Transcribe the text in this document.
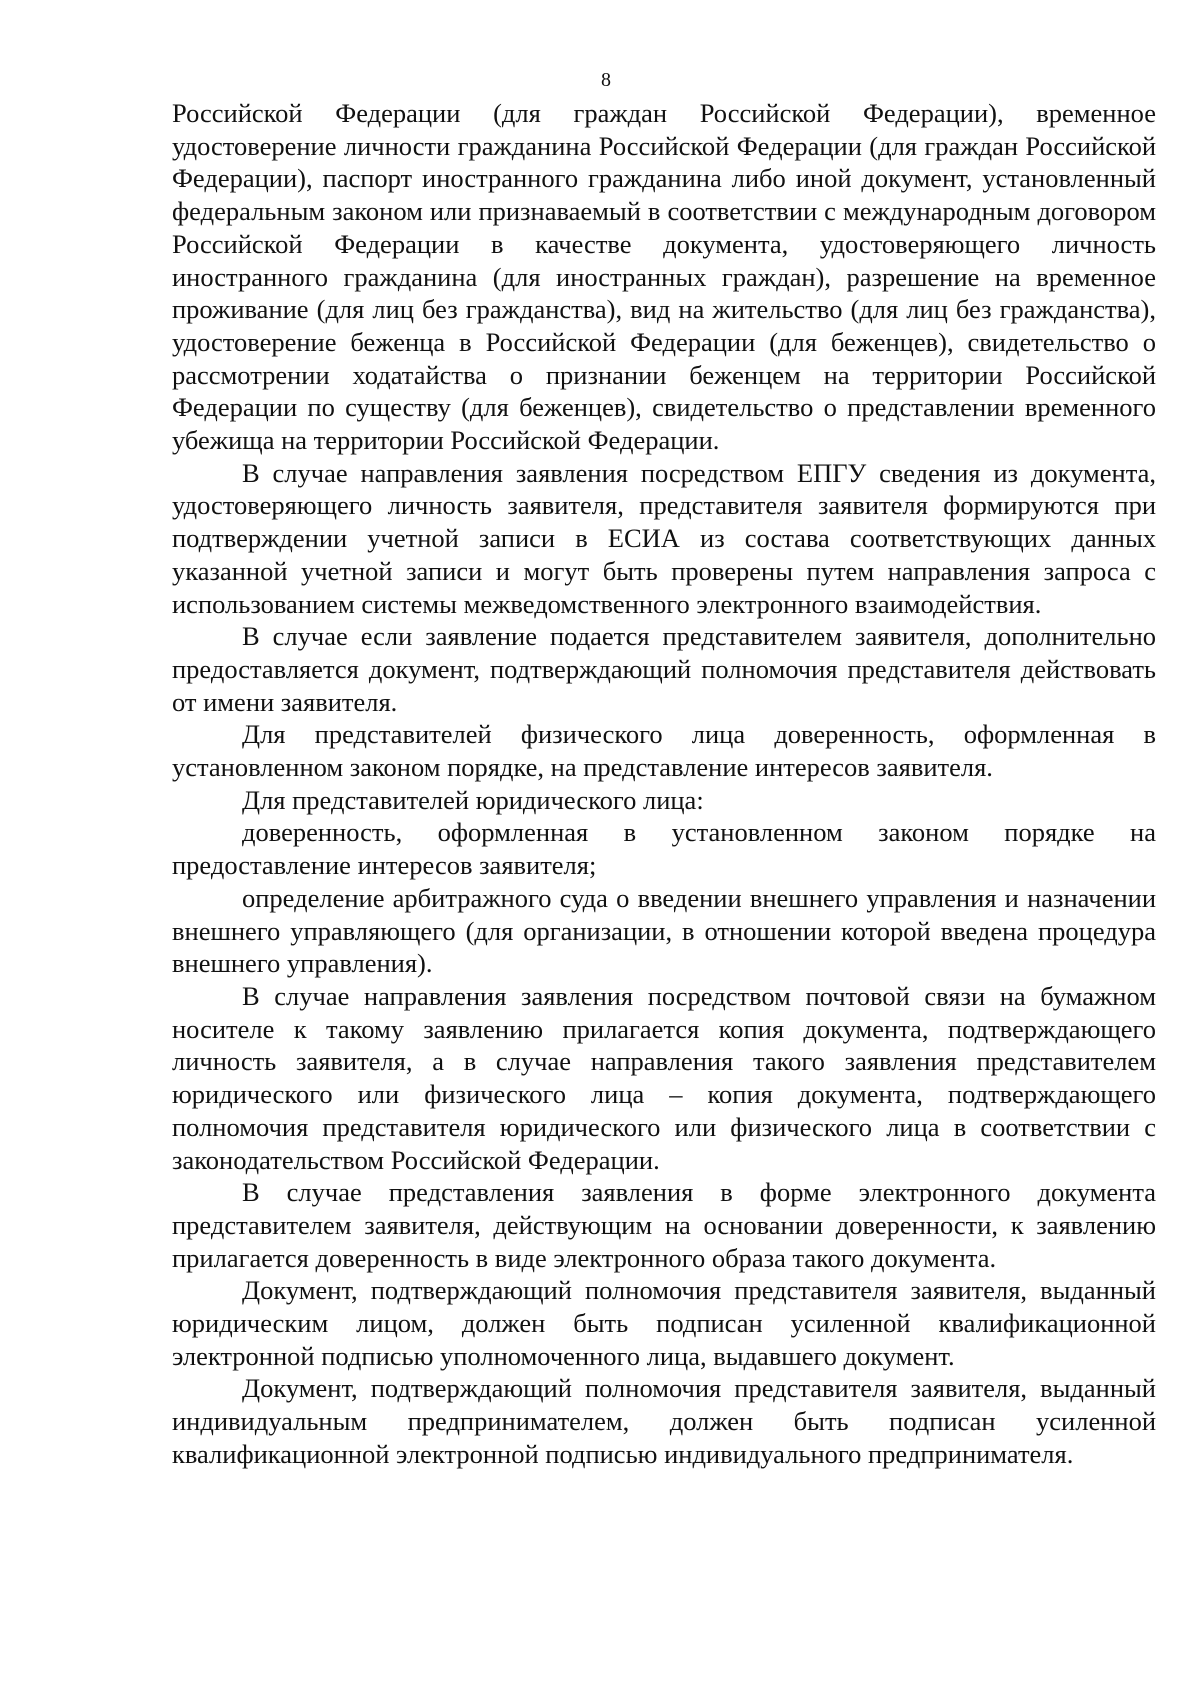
8

Российской Федерации (для граждан Российской Федерации), временное удостоверение личности гражданина Российской Федерации (для граждан Российской Федерации), паспорт иностранного гражданина либо иной документ, установленный федеральным законом или признаваемый в соответствии с международным договором Российской Федерации в качестве документа, удостоверяющего личность иностранного гражданина (для иностранных граждан), разрешение на временное проживание (для лиц без гражданства), вид на жительство (для лиц без гражданства), удостоверение беженца в Российской Федерации (для беженцев), свидетельство о рассмотрении ходатайства о признании беженцем на территории Российской Федерации по существу (для беженцев), свидетельство о представлении временного убежища на территории Российской Федерации.

В случае направления заявления посредством ЕПГУ сведения из документа, удостоверяющего личность заявителя, представителя заявителя формируются при подтверждении учетной записи в ЕСИА из состава соответствующих данных указанной учетной записи и могут быть проверены путем направления запроса с использованием системы межведомственного электронного взаимодействия.

В случае если заявление подается представителем заявителя, дополнительно предоставляется документ, подтверждающий полномочия представителя действовать от имени заявителя.

Для представителей физического лица доверенность, оформленная в установленном законом порядке, на представление интересов заявителя.

Для представителей юридического лица:

доверенность, оформленная в установленном законом порядке на предоставление интересов заявителя;

определение арбитражного суда о введении внешнего управления и назначении внешнего управляющего (для организации, в отношении которой введена процедура внешнего управления).

В случае направления заявления посредством почтовой связи на бумажном носителе к такому заявлению прилагается копия документа, подтверждающего личность заявителя, а в случае направления такого заявления представителем юридического или физического лица – копия документа, подтверждающего полномочия представителя юридического или физического лица в соответствии с законодательством Российской Федерации.

В случае представления заявления в форме электронного документа представителем заявителя, действующим на основании доверенности, к заявлению прилагается доверенность в виде электронного образа такого документа.

Документ, подтверждающий полномочия представителя заявителя, выданный юридическим лицом, должен быть подписан усиленной квалификационной электронной подписью уполномоченного лица, выдавшего документ.

Документ, подтверждающий полномочия представителя заявителя, выданный индивидуальным предпринимателем, должен быть подписан усиленной квалификационной электронной подписью индивидуального предпринимателя.
